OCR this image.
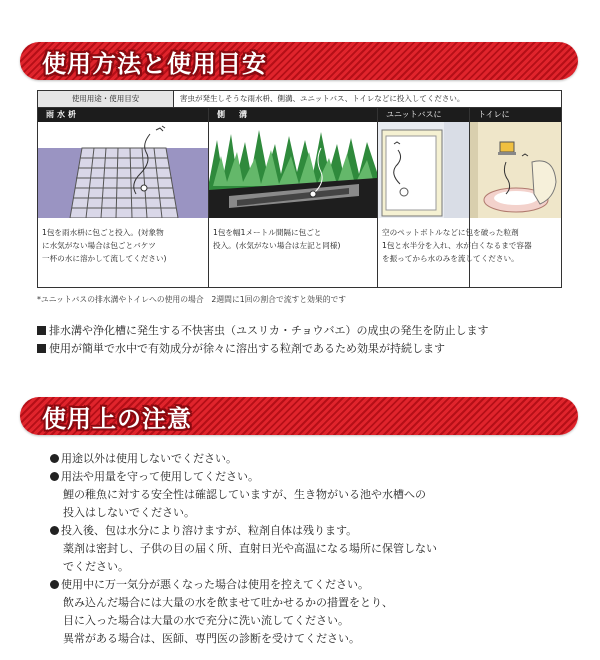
使用方法と使用目安
使用用途・使用目安	害虫が発生しそうな雨水枡、側溝、ユニットバス、トイレなどに投入してください。
雨水枡
1包を雨水枡に包ごと投入。(対象物
に水気がない場合は包ごとバケツ
一杯の水に溶かして流してください)
側　溝
1包を幅1メートル間隔に包ごと
投入。(水気がない場合は左記と同様)
ユニットバスに	トイレに
空のペットボトルなどに包を破った粒剤
1包と水半分を入れ、水が白くなるまで容器
を振ってから水のみを流してください。
*ユニットバスの排水溝やトイレへの使用の場合　2週間に1回の割合で流すと効果的です
排水溝や浄化槽に発生する不快害虫（ユスリカ・チョウバエ）の成虫の発生を防止します
使用が簡単で水中で有効成分が徐々に溶出する粒剤であるため効果が持続します
使用上の注意
用途以外は使用しないでください。
用法や用量を守って使用してください。
鯉の稚魚に対する安全性は確認していますが、生き物がいる池や水槽への
投入はしないでください。
投入後、包は水分により溶けますが、粒剤自体は残ります。
薬剤は密封し、子供の目の届く所、直射日光や高温になる場所に保管しない
でください。
使用中に万一気分が悪くなった場合は使用を控えてください。
飲み込んだ場合には大量の水を飲ませて吐かせるかの措置をとり、
目に入った場合は大量の水で充分に洗い流してください。
異常がある場合は、医師、専門医の診断を受けてください。
